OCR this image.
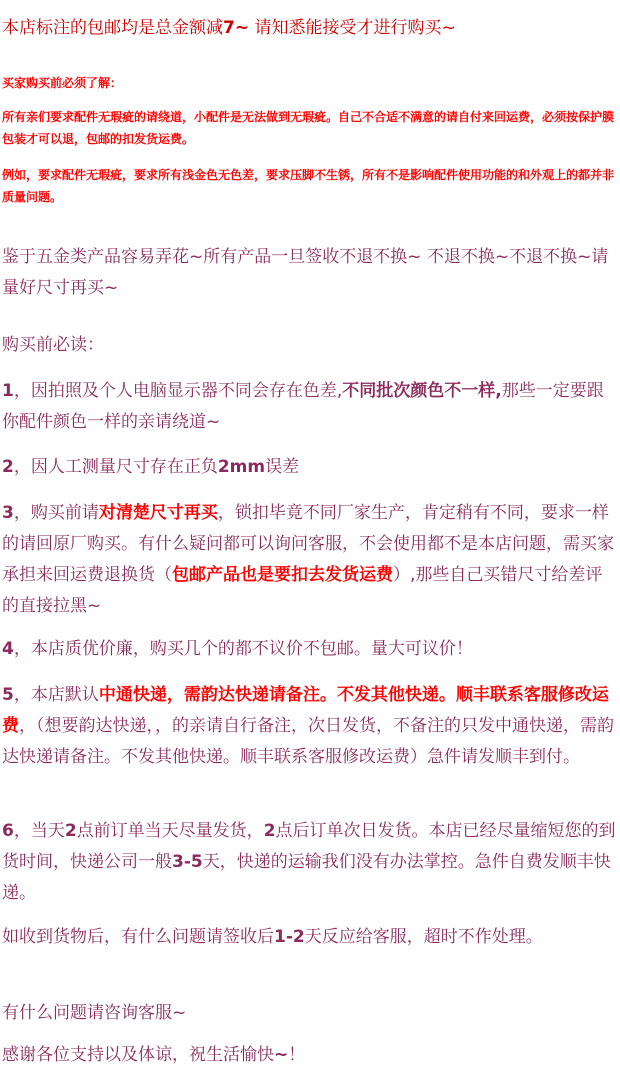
本店标注的包邮均是总金额减7~ 请知悉能接受才进行购买~

买家购买前必须了解：

所有亲们要求配件无瑕疵的请绕道，小配件是无法做到无瑕疵。自己不合适不满意的请自付来回运费，必须按保护膜包装才可以退，包邮的扣发货运费。

例如，要求配件无瑕疵，要求所有浅金色无色差，要求压脚不生锈，所有不是影响配件使用功能的和外观上的都并非质量问题。

鉴于五金类产品容易弄花~所有产品一旦签收不退不换~ 不退不换~不退不换~请量好尺寸再买~

购买前必读：

1，因拍照及个人电脑显示器不同会存在色差,不同批次颜色不一样,那些一定要跟你配件颜色一样的亲请绕道~

2，因人工测量尺寸存在正负2mm误差

3，购买前请对清楚尺寸再买，锁扣毕竟不同厂家生产，肯定稍有不同，要求一样的请回原厂购买。有什么疑问都可以询问客服，不会使用都不是本店问题，需买家承担来回运费退换货（包邮产品也是要扣去发货运费）,那些自己买错尺寸给差评的直接拉黑~

4，本店质优价廉，购买几个的都不议价不包邮。量大可议价！

5，本店默认中通快递，需韵达快递请备注。不发其他快递。顺丰联系客服修改运费，（想要韵达快递，，的亲请自行备注，次日发货，不备注的只发中通快递，需韵达快递请备注。不发其他快递。顺丰联系客服修改运费）急件请发顺丰到付。

6，当天2点前订单当天尽量发货，2点后订单次日发货。本店已经尽量缩短您的到货时间，快递公司一般3-5天，快递的运输我们没有办法掌控。急件自费发顺丰快递。

如收到货物后，有什么问题请签收后1-2天反应给客服，超时不作处理。

有什么问题请咨询客服~

感谢各位支持以及体谅，祝生活愉快~！
